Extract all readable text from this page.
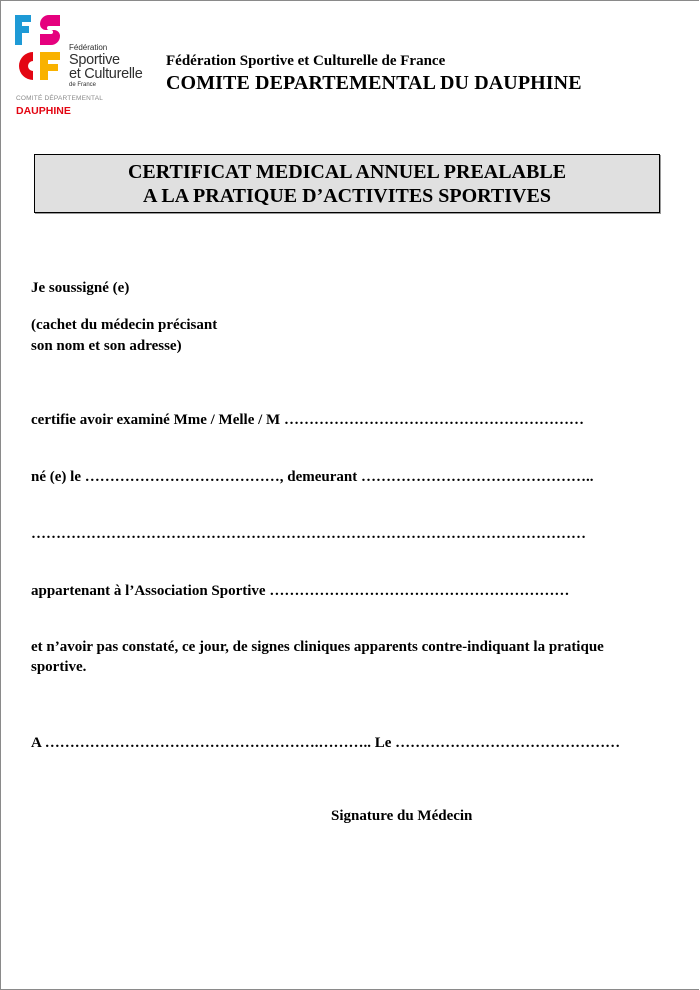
Fédération
Sportive
et Culturelle
de France
COMITÉ DÉPARTEMENTAL
DAUPHINE
Fédération Sportive et Culturelle de France
COMITE DEPARTEMENTAL DU DAUPHINE
CERTIFICAT MEDICAL ANNUEL PREALABLE
A LA PRATIQUE D’ACTIVITES SPORTIVES
Je soussigné (e)
(cachet du médecin précisant
son nom et son adresse)
certifie avoir examiné Mme / Melle / M ……………………………………………………
né (e) le …………………………………, demeurant ………………………………………..
…………………………………………………………………………………………………
appartenant à l’Association Sportive ……………………………………………………
et n’avoir pas constaté, ce jour, de signes cliniques apparents contre-indiquant la pratique
sportive.
A ……………………………………………….……….. Le ………………………………………
Signature du Médecin
